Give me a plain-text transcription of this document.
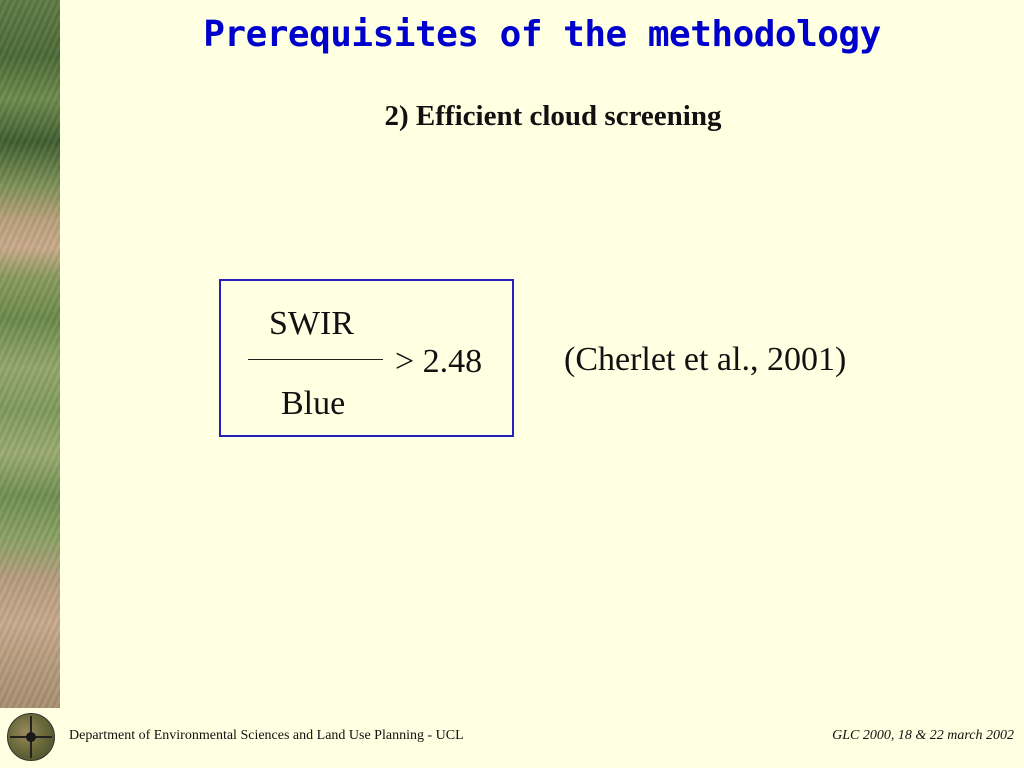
Prerequisites of the methodology
2) Efficient cloud screening
SWIR
Blue
> 2.48 (Cherlet et al., 2001)
Department of Environmental Sciences and Land Use Planning - UCL	GLC 2000, 18 & 22 march 2002
